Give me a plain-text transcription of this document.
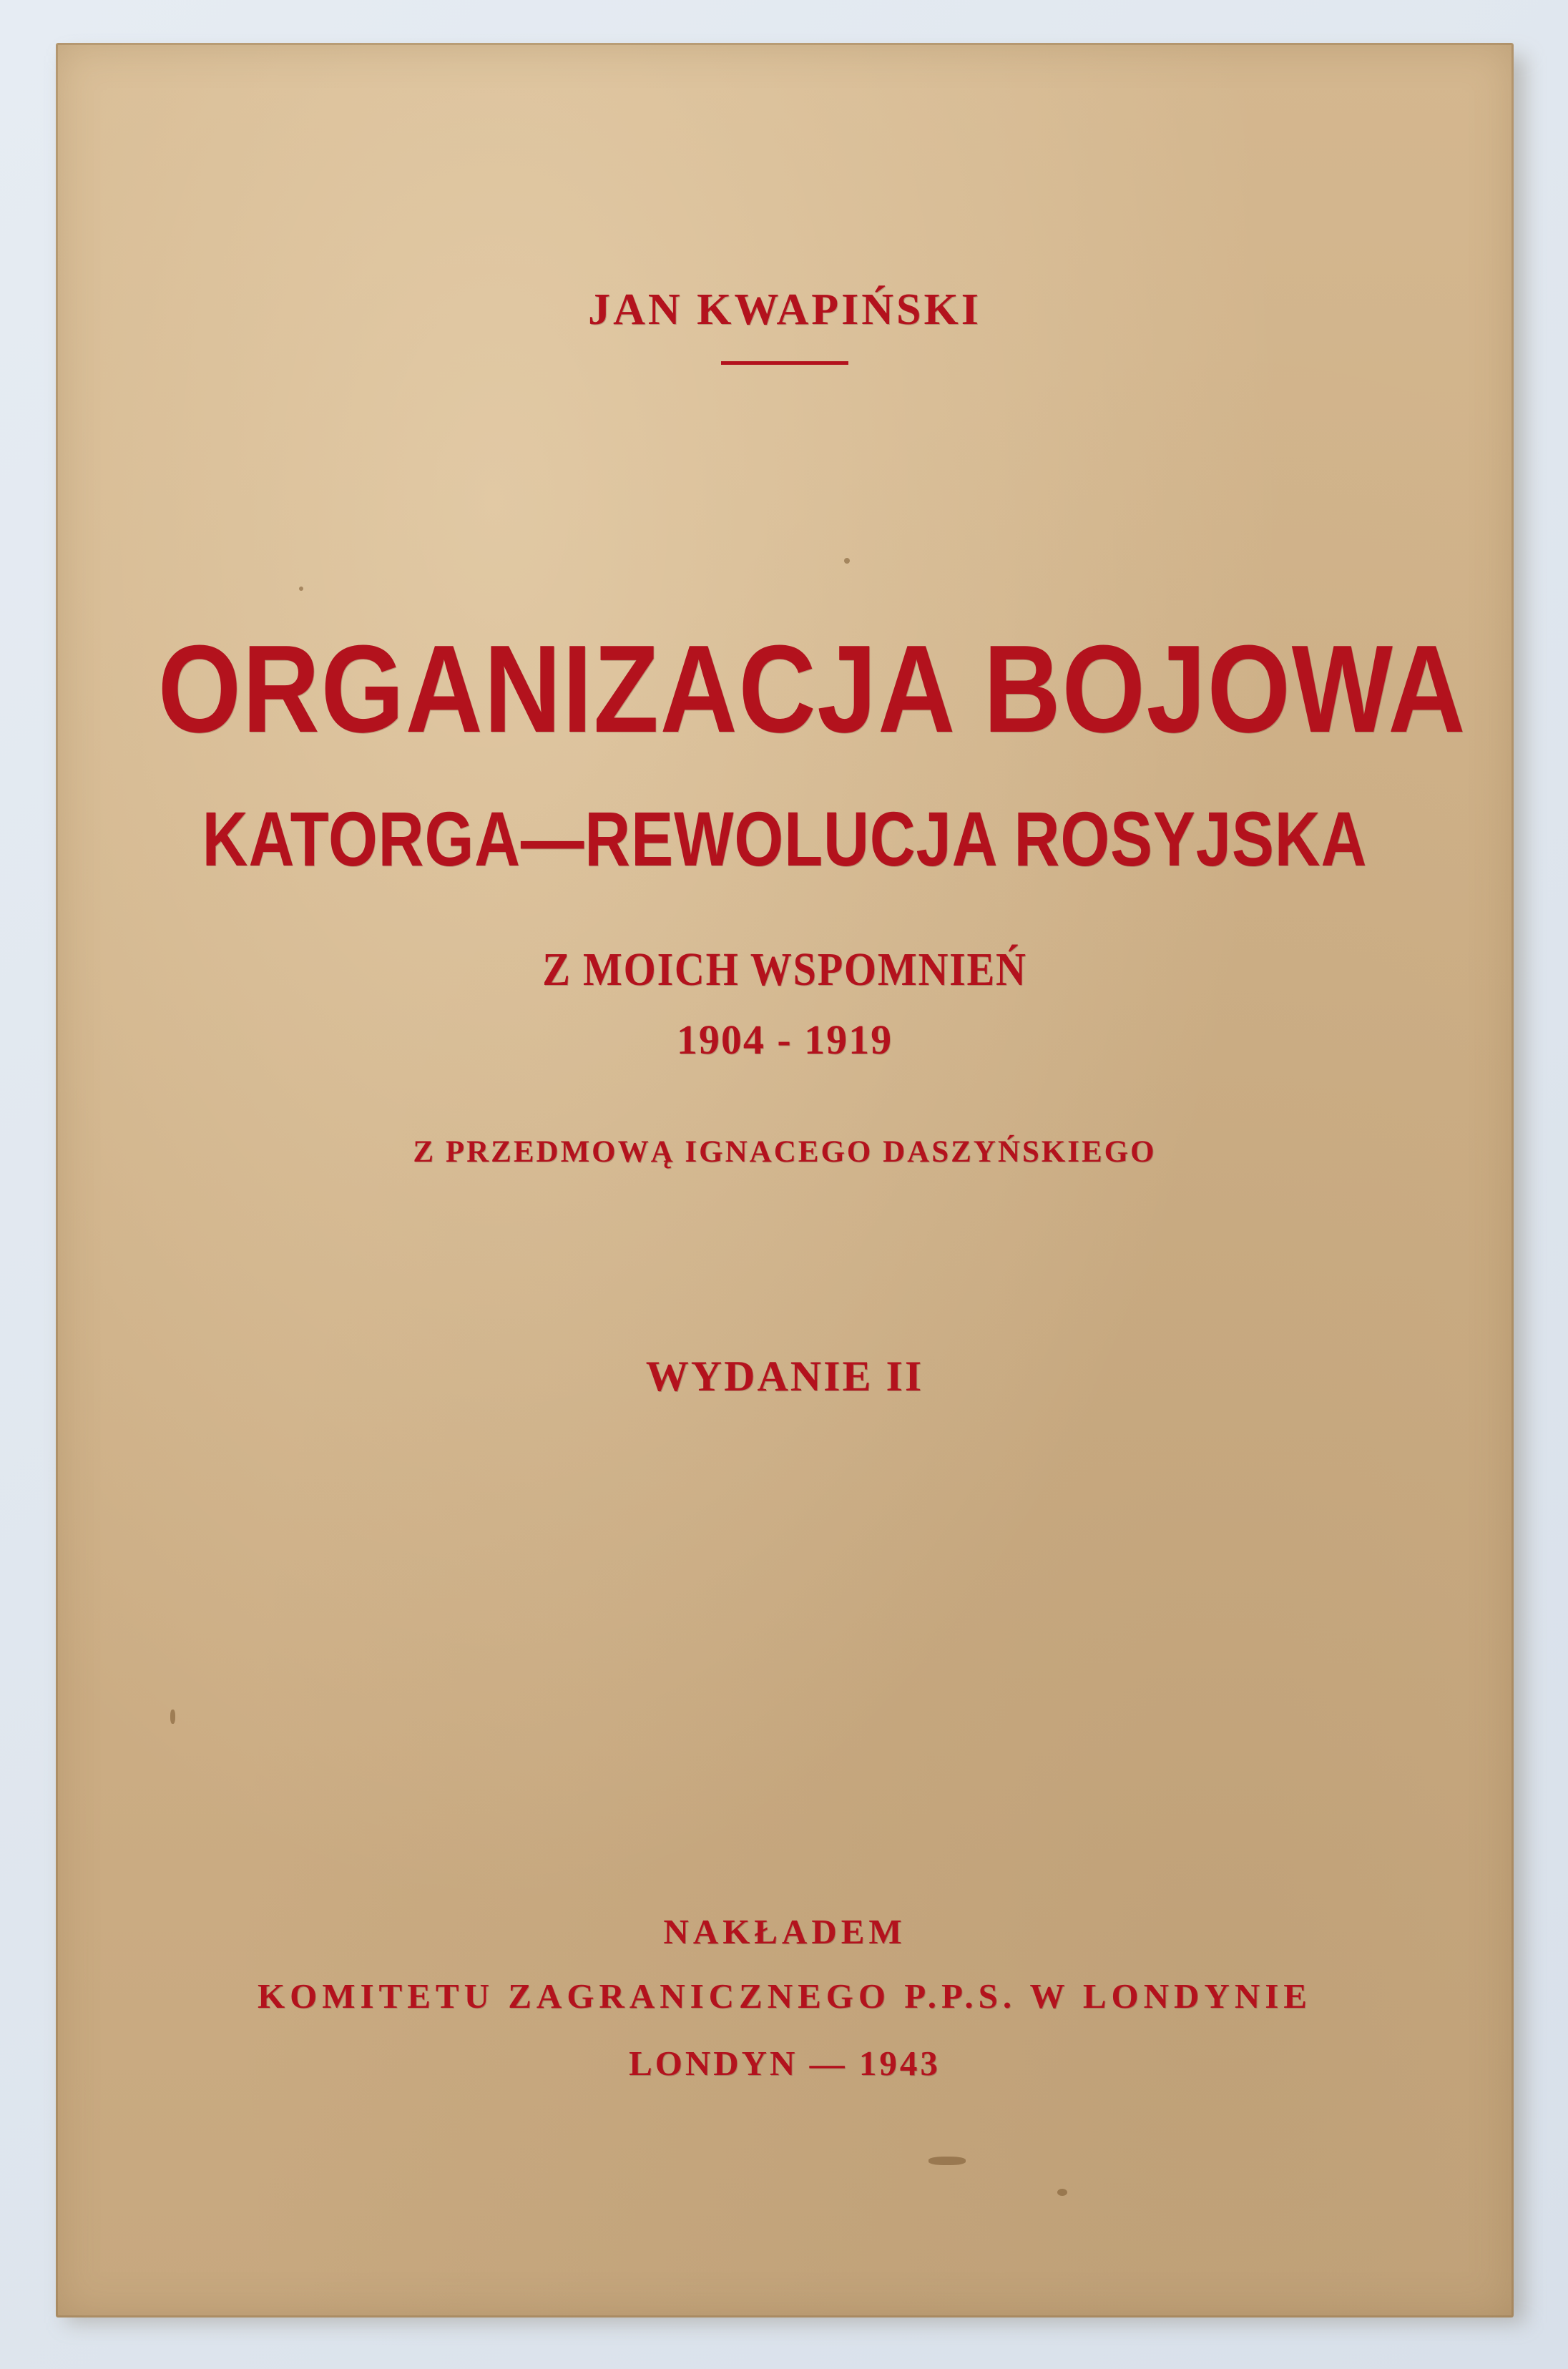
JAN KWAPIŃSKI
ORGANIZACJA BOJOWA
KATORGA—REWOLUCJA ROSYJSKA
Z MOICH WSPOMNIEŃ
1904 - 1919
Z PRZEDMOWĄ IGNACEGO DASZYŃSKIEGO
WYDANIE II
NAKŁADEM
KOMITETU ZAGRANICZNEGO P.P.S. W LONDYNIE
LONDYN — 1943
